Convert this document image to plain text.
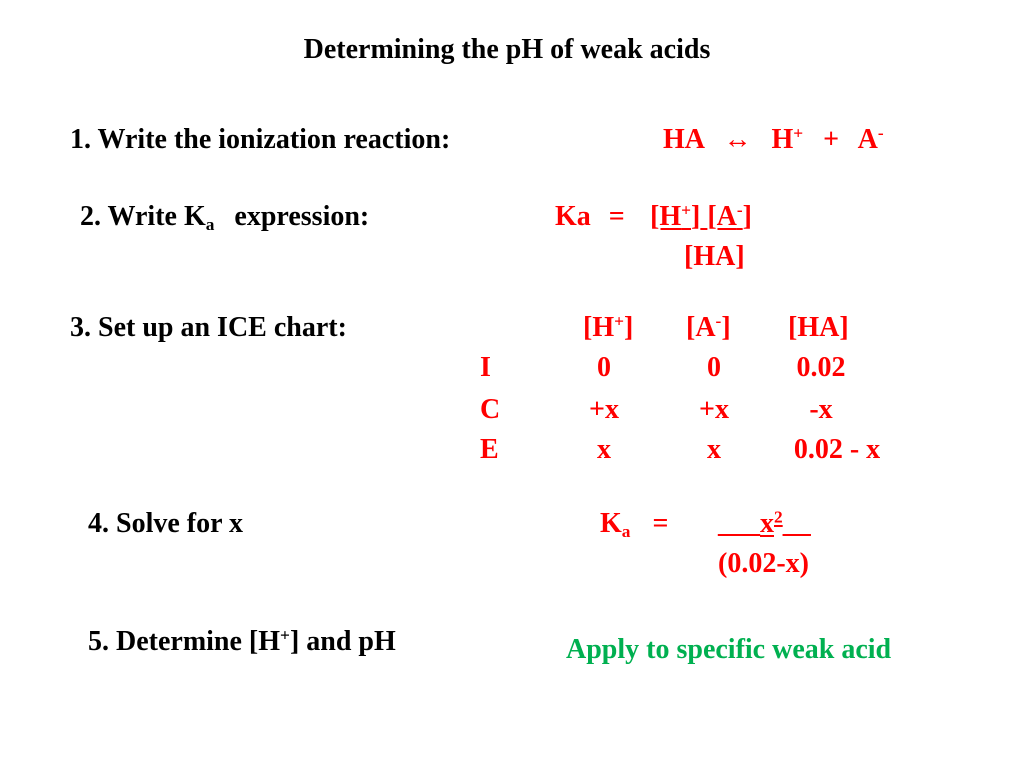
Determining the pH of weak acids
1. Write the ionization reaction:	HA ↔ H+ + A-
2. Write $K_a$ expression:	Ka = [H+] [A-]
[HA]
3. Set up an ICE chart:	[H+] [A-] [HA]
I	0	0	0.02
C	+x	+x	-x
E	x	x	0.02 - x
4. Solve for x	$K_a$ = $\_\_\_x^2\_\_$
(0.02-x)
5. Determine [H+] and pH	Apply to specific weak acid
